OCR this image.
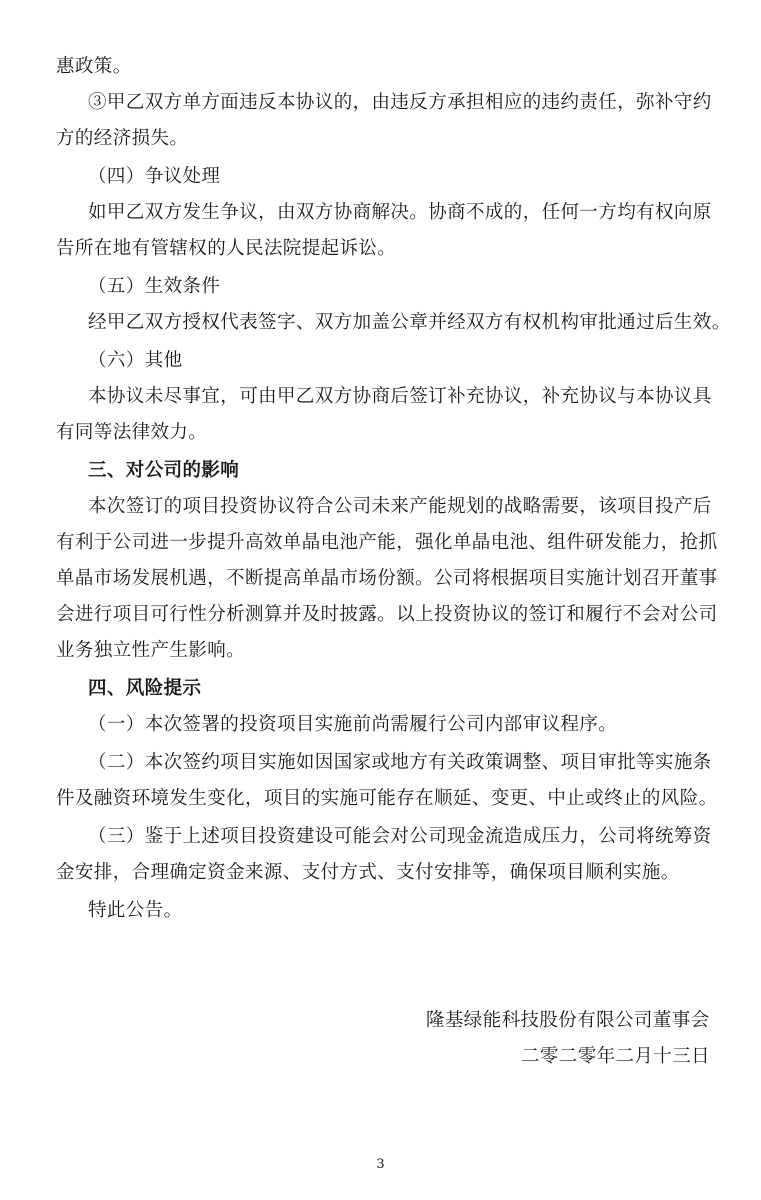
惠政策。
③甲乙双方单方面违反本协议的，由违反方承担相应的违约责任，弥补守约
方的经济损失。
（四）争议处理
如甲乙双方发生争议，由双方协商解决。协商不成的，任何一方均有权向原
告所在地有管辖权的人民法院提起诉讼。
（五）生效条件
经甲乙双方授权代表签字、双方加盖公章并经双方有权机构审批通过后生效。
（六）其他
本协议未尽事宜，可由甲乙双方协商后签订补充协议，补充协议与本协议具
有同等法律效力。
三、对公司的影响
本次签订的项目投资协议符合公司未来产能规划的战略需要，该项目投产后
有利于公司进一步提升高效单晶电池产能，强化单晶电池、组件研发能力，抢抓
单晶市场发展机遇，不断提高单晶市场份额。公司将根据项目实施计划召开董事
会进行项目可行性分析测算并及时披露。以上投资协议的签订和履行不会对公司
业务独立性产生影响。
四、风险提示
（一）本次签署的投资项目实施前尚需履行公司内部审议程序。
（二）本次签约项目实施如因国家或地方有关政策调整、项目审批等实施条
件及融资环境发生变化，项目的实施可能存在顺延、变更、中止或终止的风险。
（三）鉴于上述项目投资建设可能会对公司现金流造成压力，公司将统筹资
金安排，合理确定资金来源、支付方式、支付安排等，确保项目顺利实施。
特此公告。
隆基绿能科技股份有限公司董事会
二零二零年二月十三日
3
